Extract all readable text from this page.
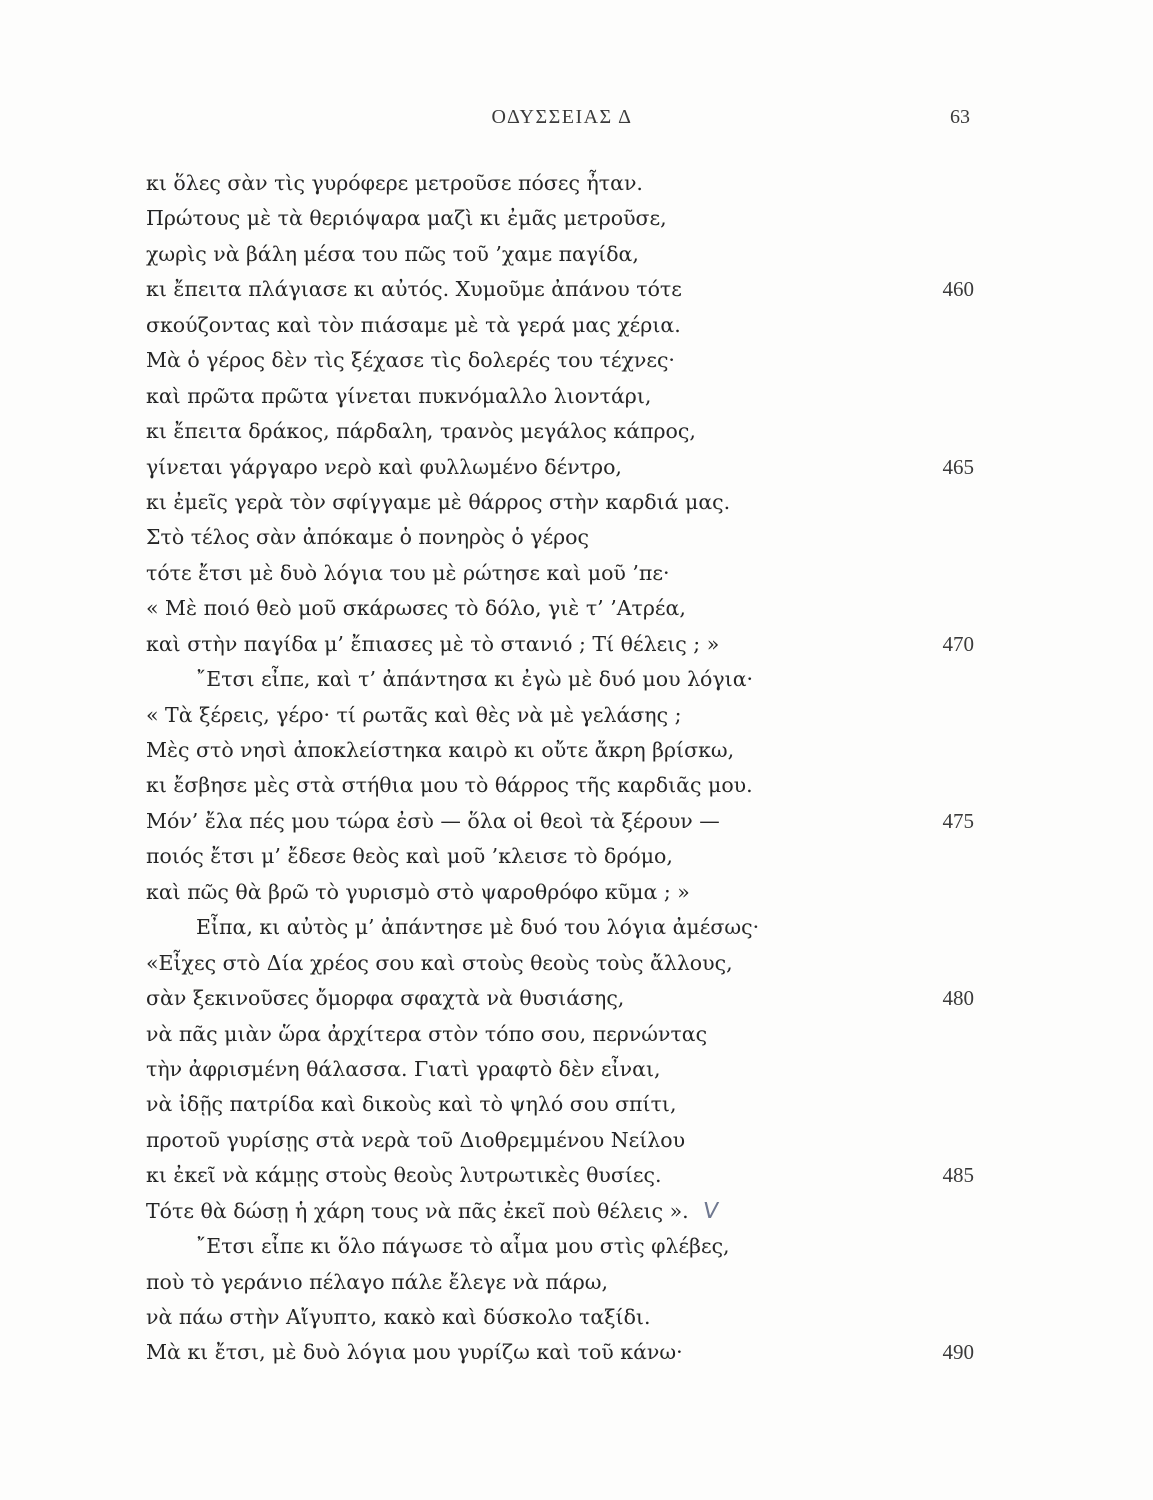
ΟΔΥΣΣΕΙΑΣ Δ	63
κι ὅλες σὰν τὶς γυρόφερε μετροῦσε πόσες ἦταν.
Πρώτους μὲ τὰ θεριόψαρα μαζὶ κι ἐμᾶς μετροῦσε,
χωρὶς νὰ βάλη μέσα του πῶς τοῦ ’χαμε παγίδα,
κι ἔπειτα πλάγιασε κι αὐτός. Χυμοῦμε ἀπάνου τότε	460
σκούζοντας καὶ τὸν πιάσαμε μὲ τὰ γερά μας χέρια.
Μὰ ὁ γέρος δὲν τὶς ξέχασε τὶς δολερές του τέχνες·
καὶ πρῶτα πρῶτα γίνεται πυκνόμαλλο λιοντάρι,
κι ἔπειτα δράκος, πάρδαλη, τρανὸς μεγάλος κάπρος,
γίνεται γάργαρο νερὸ καὶ φυλλωμένο δέντρο,	465
κι ἐμεῖς γερὰ τὸν σφίγγαμε μὲ θάρρος στὴν καρδιά μας.
Στὸ τέλος σὰν ἀπόκαμε ὁ πονηρὸς ὁ γέρος
τότε ἔτσι μὲ δυὸ λόγια του μὲ ρώτησε καὶ μοῦ ’πε·
« Μὲ ποιό θεὸ μοῦ σκάρωσες τὸ δόλο, γιὲ τ’ ’Ατρέα,
καὶ στὴν παγίδα μ’ ἔπιασες μὲ τὸ στανιό ; Τί θέλεις ; »	470
῎Ετσι εἶπε, καὶ τ’ ἀπάντησα κι ἐγὼ μὲ δυό μου λόγια·
« Τὰ ξέρεις, γέρο· τί ρωτᾶς καὶ θὲς νὰ μὲ γελάσης ;
Μὲς στὸ νησὶ ἀποκλείστηκα καιρὸ κι οὔτε ἄκρη βρίσκω,
κι ἔσβησε μὲς στὰ στήθια μου τὸ θάρρος τῆς καρδιᾶς μου.
Μόν’ ἔλα πές μου τώρα ἐσὺ — ὅλα οἱ θεοὶ τὰ ξέρουν —	475
ποιός ἔτσι μ’ ἔδεσε θεὸς καὶ μοῦ ’κλεισε τὸ δρόμο,
καὶ πῶς θὰ βρῶ τὸ γυρισμὸ στὸ ψαροθρόφο κῦμα ; »
Εἶπα, κι αὐτὸς μ’ ἀπάντησε μὲ δυό του λόγια ἀμέσως·
«Εἶχες στὸ Δία χρέος σου καὶ στοὺς θεοὺς τοὺς ἄλλους,
σὰν ξεκινοῦσες ὄμορφα σφαχτὰ νὰ θυσιάσης,	480
νὰ πᾶς μιὰν ὥρα ἀρχίτερα στὸν τόπο σου, περνώντας
τὴν ἀφρισμένη θάλασσα. Γιατὶ γραφτὸ δὲν εἶναι,
νὰ ἰδῇς πατρίδα καὶ δικοὺς καὶ τὸ ψηλό σου σπίτι,
προτοῦ γυρίσῃς στὰ νερὰ τοῦ Διοθρεμμένου Νείλου
κι ἐκεῖ νὰ κάμῃς στοὺς θεοὺς λυτρωτικὲς θυσίες.	485
Τότε θὰ δώσῃ ἡ χάρη τους νὰ πᾶς ἐκεῖ ποὺ θέλεις ». V
῎Ετσι εἶπε κι ὅλο πάγωσε τὸ αἷμα μου στὶς φλέβες,
ποὺ τὸ γεράνιο πέλαγο πάλε ἔλεγε νὰ πάρω,
νὰ πάω στὴν Αἴγυπτο, κακὸ καὶ δύσκολο ταξίδι.
Μὰ κι ἔτσι, μὲ δυὸ λόγια μου γυρίζω καὶ τοῦ κάνω·	490
